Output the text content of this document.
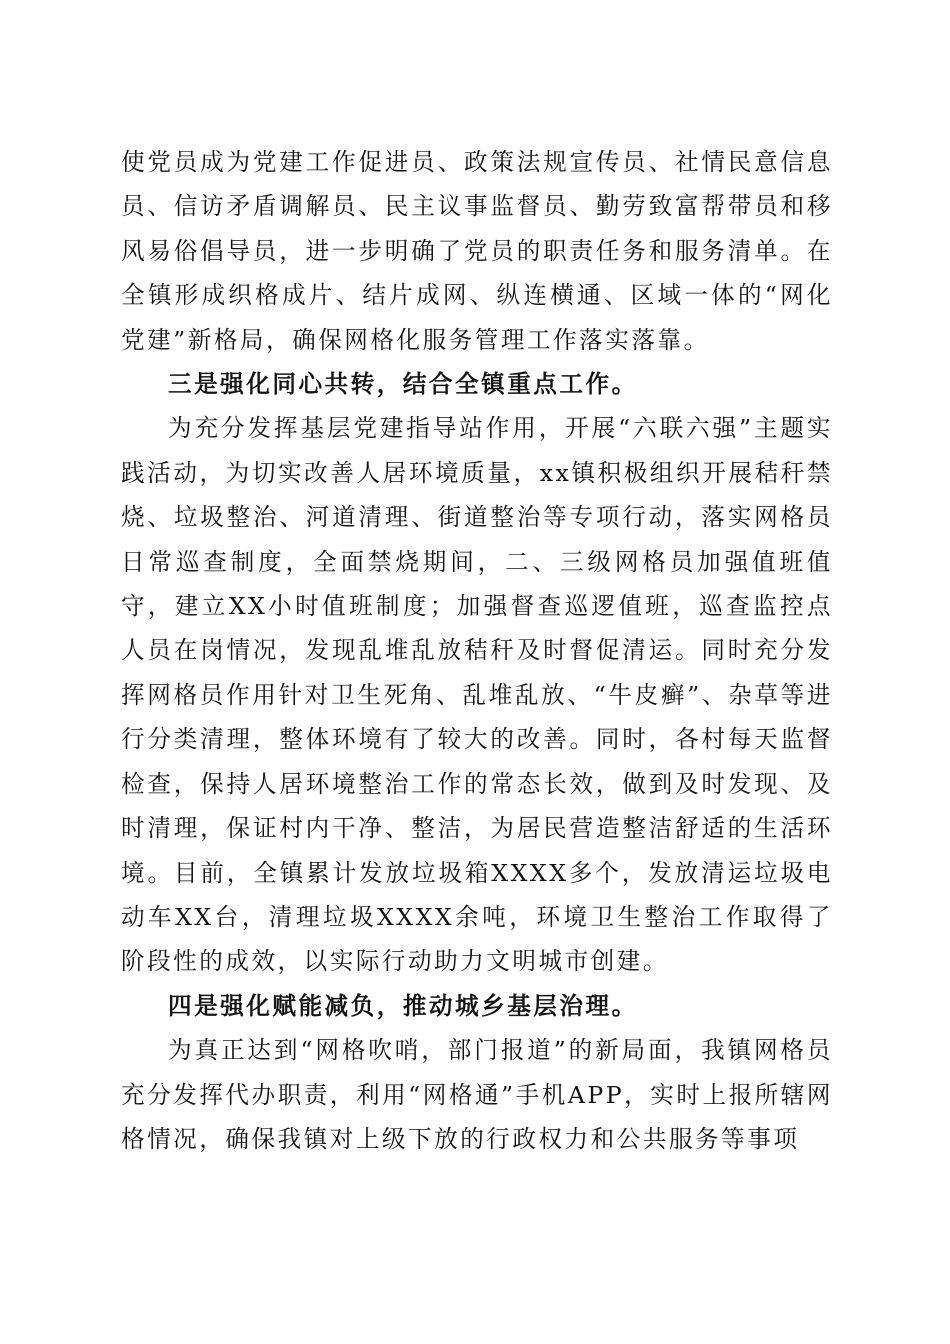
使党员成为党建工作促进员、政策法规宣传员、社情民意信息员、信访矛盾调解员、民主议事监督员、勤劳致富帮带员和移风易俗倡导员，进一步明确了党员的职责任务和服务清单。在全镇形成织格成片、结片成网、纵连横通、区域一体的“网化党建”新格局，确保网格化服务管理工作落实落靠。

三是强化同心共转，结合全镇重点工作。

为充分发挥基层党建指导站作用，开展“六联六强”主题实践活动，为切实改善人居环境质量，xx镇积极组织开展秸秆禁烧、垃圾整治、河道清理、街道整治等专项行动，落实网格员日常巡查制度，全面禁烧期间，二、三级网格员加强值班值守，建立XX小时值班制度；加强督查巡逻值班，巡查监控点人员在岗情况，发现乱堆乱放秸秆及时督促清运。同时充分发挥网格员作用针对卫生死角、乱堆乱放、“牛皮癣”、杂草等进行分类清理，整体环境有了较大的改善。同时，各村每天监督检查，保持人居环境整治工作的常态长效，做到及时发现、及时清理，保证村内干净、整洁，为居民营造整洁舒适的生活环境。目前，全镇累计发放垃圾箱XXXX多个，发放清运垃圾电动车XX台，清理垃圾XXXX余吨，环境卫生整治工作取得了阶段性的成效，以实际行动助力文明城市创建。

四是强化赋能减负，推动城乡基层治理。

为真正达到“网格吹哨，部门报道”的新局面，我镇网格员充分发挥代办职责，利用“网格通”手机APP，实时上报所辖网格情况，确保我镇对上级下放的行政权力和公共服务等事项
